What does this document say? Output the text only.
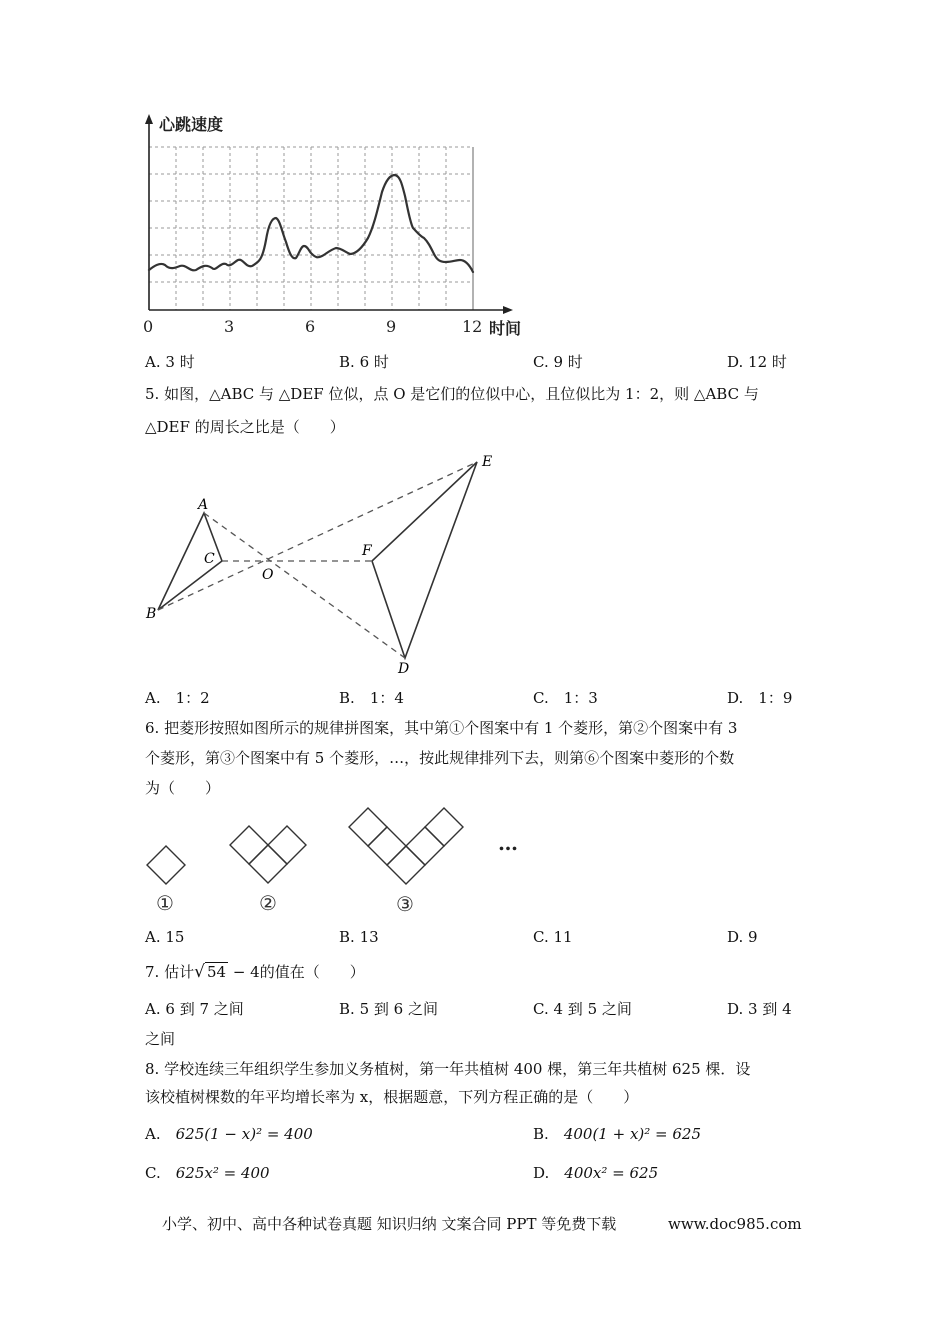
心跳速度
时间
0	3	6	9	12
A. 3 时	B. 6 时	C. 9 时	D. 12 时
5. 如图，△ABC 与 △DEF 位似，点 O 是它们的位似中心，且位似比为 1：2，则 △ABC 与
△DEF 的周长之比是（　　）
A
B
C
O
F
E
D
A.　 1：2	B.　 1：4	C.　 1：3	D.　 1：9
6. 把菱形按照如图所示的规律拼图案，其中第①个图案中有 1 个菱形，第②个图案中有 3
个菱形，第③个图案中有 5 个菱形，…，按此规律排列下去，则第⑥个图案中菱形的个数
为（　　）
…
①	②	③
A. 15	B. 13	C. 11	D. 9
7. 估计√ 54 − 4的值在（　　）
A. 6 到 7 之间	B. 5 到 6 之间	C. 4 到 5 之间	D. 3 到 4
之间
8. 学校连续三年组织学生参加义务植树，第一年共植树 400 棵，第三年共植树 625 棵．设
该校植树棵数的年平均增长率为 x，根据题意，下列方程正确的是（　　）
A.　 625(1 − x)² = 400	B.　 400(1 + x)² = 625
C.　 625x² = 400	D.　 400x² = 625
小学、初中、高中各种试卷真题 知识归纳 文案合同 PPT 等免费下载	www.doc985.com
